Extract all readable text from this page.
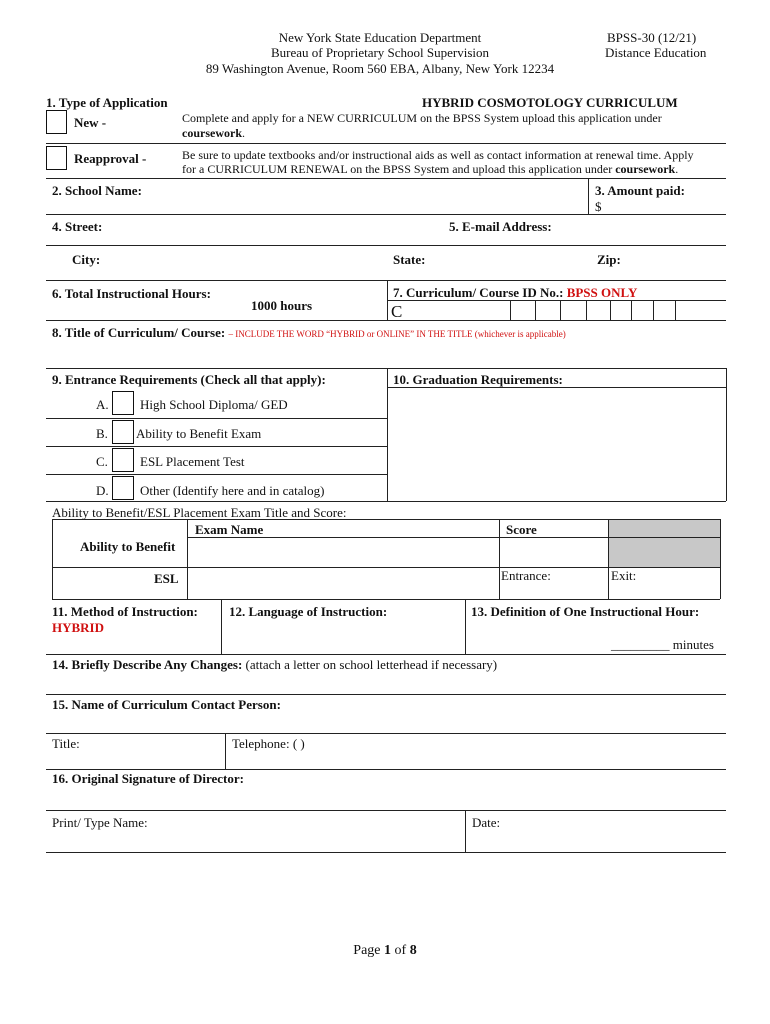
New York State Education Department
Bureau of Proprietary School Supervision
89 Washington Avenue, Room 560 EBA, Albany, New York 12234
BPSS-30 (12/21)
Distance Education
1. Type of Application	HYBRID COSMOTOLOGY CURRICULUM
New -	Complete and apply for a NEW CURRICULUM on the BPSS System upload this application under
coursework.
Reapproval -	Be sure to update textbooks and/or instructional aids as well as contact information at renewal time. Apply
for a CURRICULUM RENEWAL on the BPSS System and upload this application under coursework.
2. School Name:	3. Amount paid:
$
4. Street:	5. E-mail Address:
City:	State:	Zip:
6. Total Instructional Hours:
1000 hours
7. Curriculum/ Course ID No.: BPSS ONLY
C
8. Title of Curriculum/ Course: – INCLUDE THE WORD “HYBRID or ONLINE” IN THE TITLE (whichever is applicable)
9. Entrance Requirements (Check all that apply):	10. Graduation Requirements:
A. High School Diploma/ GED
B. Ability to Benefit Exam
C. ESL Placement Test
D. Other (Identify here and in catalog)
Ability to Benefit/ESL Placement Exam Title and Score:
Exam Name	Score
Ability to Benefit
ESL	Entrance:	Exit:
11. Method of Instruction:
HYBRID
12. Language of Instruction:	13. Definition of One Instructional Hour:
_________ minutes
14. Briefly Describe Any Changes: (attach a letter on school letterhead if necessary)
15. Name of Curriculum Contact Person:
Title:	Telephone: ( )
16. Original Signature of Director:
Print/ Type Name:	Date:
Page 1 of 8
